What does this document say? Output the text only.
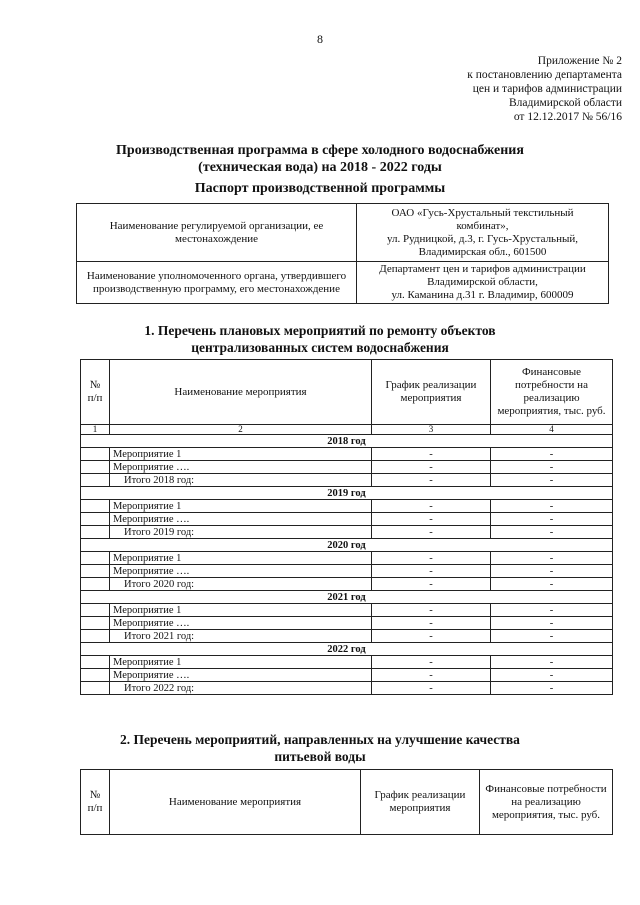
8
Приложение № 2
к постановлению департамента
цен и тарифов администрации
Владимирской области
от 12.12.2017 № 56/16
Производственная программа в сфере холодного водоснабжения
(техническая вода) на 2018 - 2022 годы
Паспорт производственной программы
Наименование регулируемой организации, ее местонахождение	ОАО «Гусь-Хрустальный текстильный
комбинат»,
ул. Рудницкой, д.3, г. Гусь-Хрустальный,
Владимирская обл., 601500

Наименование уполномоченного органа, утвердившего производственную программу, его местонахождение	Департамент цен и тарифов администрации
Владимирской области,
ул. Каманина д.31 г. Владимир, 600009
1. Перечень плановых мероприятий по ремонту объектов
централизованных систем водоснабжения
№ п/п	Наименование мероприятия	График реализации мероприятия	Финансовые потребности на реализацию мероприятия, тыс. руб.
1	2	3	4
2018 год			
	Мероприятие 1	-	-
	Мероприятие ….	-	-
	Итого 2018 год:	-	-
2019 год			
	Мероприятие 1	-	-
	Мероприятие ….	-	-
	Итого 2019 год:	-	-
2020 год			
	Мероприятие 1	-	-
	Мероприятие ….	-	-
	Итого 2020 год:	-	-
2021 год			
	Мероприятие 1	-	-
	Мероприятие ….	-	-
	Итого 2021 год:	-	-
2022 год			
	Мероприятие 1	-	-
	Мероприятие ….	-	-
	Итого 2022 год:	-	-
2. Перечень мероприятий, направленных на улучшение качества
питьевой воды
№ п/п	Наименование мероприятия	График реализации мероприятия	Финансовые потребности на реализацию мероприятия, тыс. руб.
